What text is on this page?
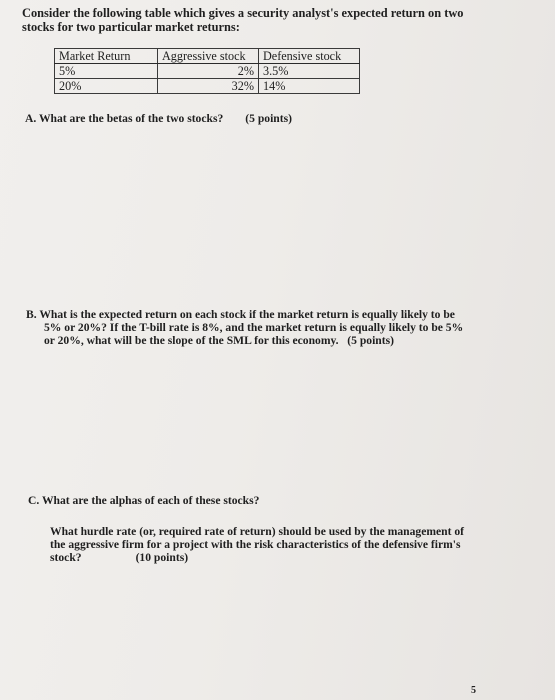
Consider the following table which gives a security analyst's expected return on two
stocks for two particular market returns:
Market Return	Aggressive stock	Defensive stock
5%	2%	3.5%
20%	32%	14%
A. What are the betas of the two stocks? (5 points)
B. What is the expected return on each stock if the market return is equally likely to be
5% or 20%? If the T-bill rate is 8%, and the market return is equally likely to be 5%
or 20%, what will be the slope of the SML for this economy. (5 points)
C. What are the alphas of each of these stocks?
What hurdle rate (or, required rate of return) should be used by the management of
the aggressive firm for a project with the risk characteristics of the defensive firm's
stock?	(10 points)
5
